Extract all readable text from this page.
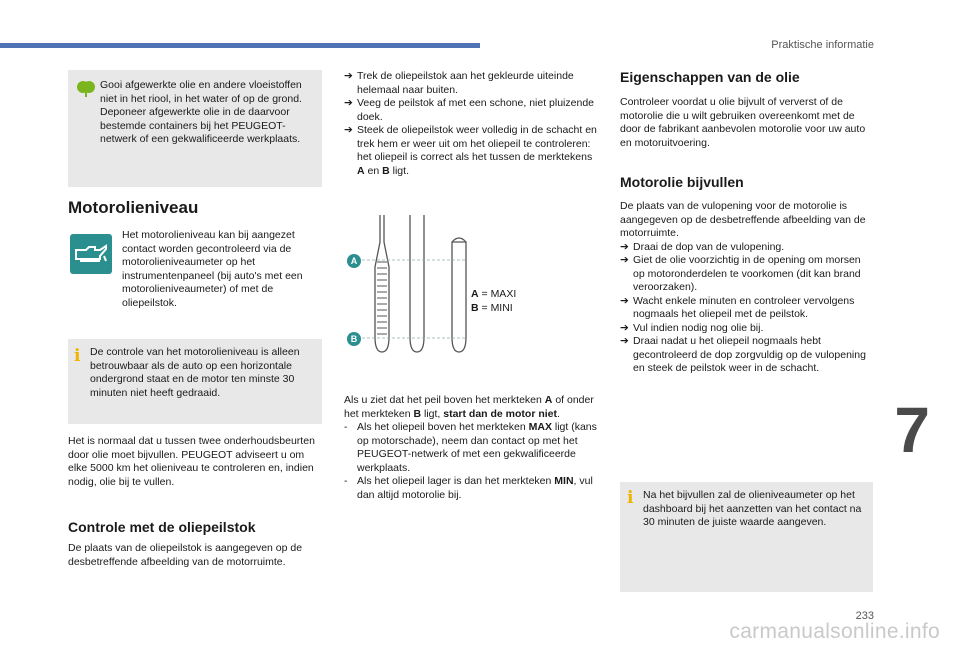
Praktische informatie
Gooi afgewerkte olie en andere vloeistoffen niet in het riool, in het water of op de grond. Deponeer afgewerkte olie in de daarvoor bestemde containers bij het PEUGEOT-netwerk of een gekwalificeerde werkplaats.
Motorolieniveau
Het motorolieniveau kan bij aangezet contact worden gecontroleerd via de motorolieniveaumeter op het instrumentenpaneel (bij auto's met een motorolieniveaumeter) of met de oliepeilstok.
i De controle van het motorolieniveau is alleen betrouwbaar als de auto op een horizontale ondergrond staat en de motor ten minste 30 minuten niet heeft gedraaid.
Het is normaal dat u tussen twee onderhoudsbeurten door olie moet bijvullen. PEUGEOT adviseert u om elke 5000 km het olieniveau te controleren en, indien nodig, olie bij te vullen.
Controle met de oliepeilstok
De plaats van de oliepeilstok is aangegeven op de desbetreffende afbeelding van de motorruimte.
➔ Trek de oliepeilstok aan het gekleurde uiteinde helemaal naar buiten.
➔ Veeg de peilstok af met een schone, niet pluizende doek.
➔ Steek de oliepeilstok weer volledig in de schacht en trek hem er weer uit om het oliepeil te controleren: het oliepeil is correct als het tussen de merktekens A en B ligt.
A
B
A = MAXI
B = MINI
Als u ziet dat het peil boven het merkteken A of onder het merkteken B ligt, start dan de motor niet.
- Als het oliepeil boven het merkteken MAX ligt (kans op motorschade), neem dan contact op met het PEUGEOT-netwerk of met een gekwalificeerde werkplaats.
- Als het oliepeil lager is dan het merkteken MIN, vul dan altijd motorolie bij.
Eigenschappen van de olie
Controleer voordat u olie bijvult of ververst of de motorolie die u wilt gebruiken overeenkomt met de door de fabrikant aanbevolen motorolie voor uw auto en motoruitvoering.
Motorolie bijvullen
De plaats van de vulopening voor de motorolie is aangegeven op de desbetreffende afbeelding van de motorruimte.
➔ Draai de dop van de vulopening.
➔ Giet de olie voorzichtig in de opening om morsen op motoronderdelen te voorkomen (dit kan brand veroorzaken).
➔ Wacht enkele minuten en controleer vervolgens nogmaals het oliepeil met de peilstok.
➔ Vul indien nodig nog olie bij.
➔ Draai nadat u het oliepeil nogmaals hebt gecontroleerd de dop zorgvuldig op de vulopening en steek de peilstok weer in de schacht.
i Na het bijvullen zal de olieniveaumeter op het dashboard bij het aanzetten van het contact na 30 minuten de juiste waarde aangeven.
7
233
carmanualsonline.info
